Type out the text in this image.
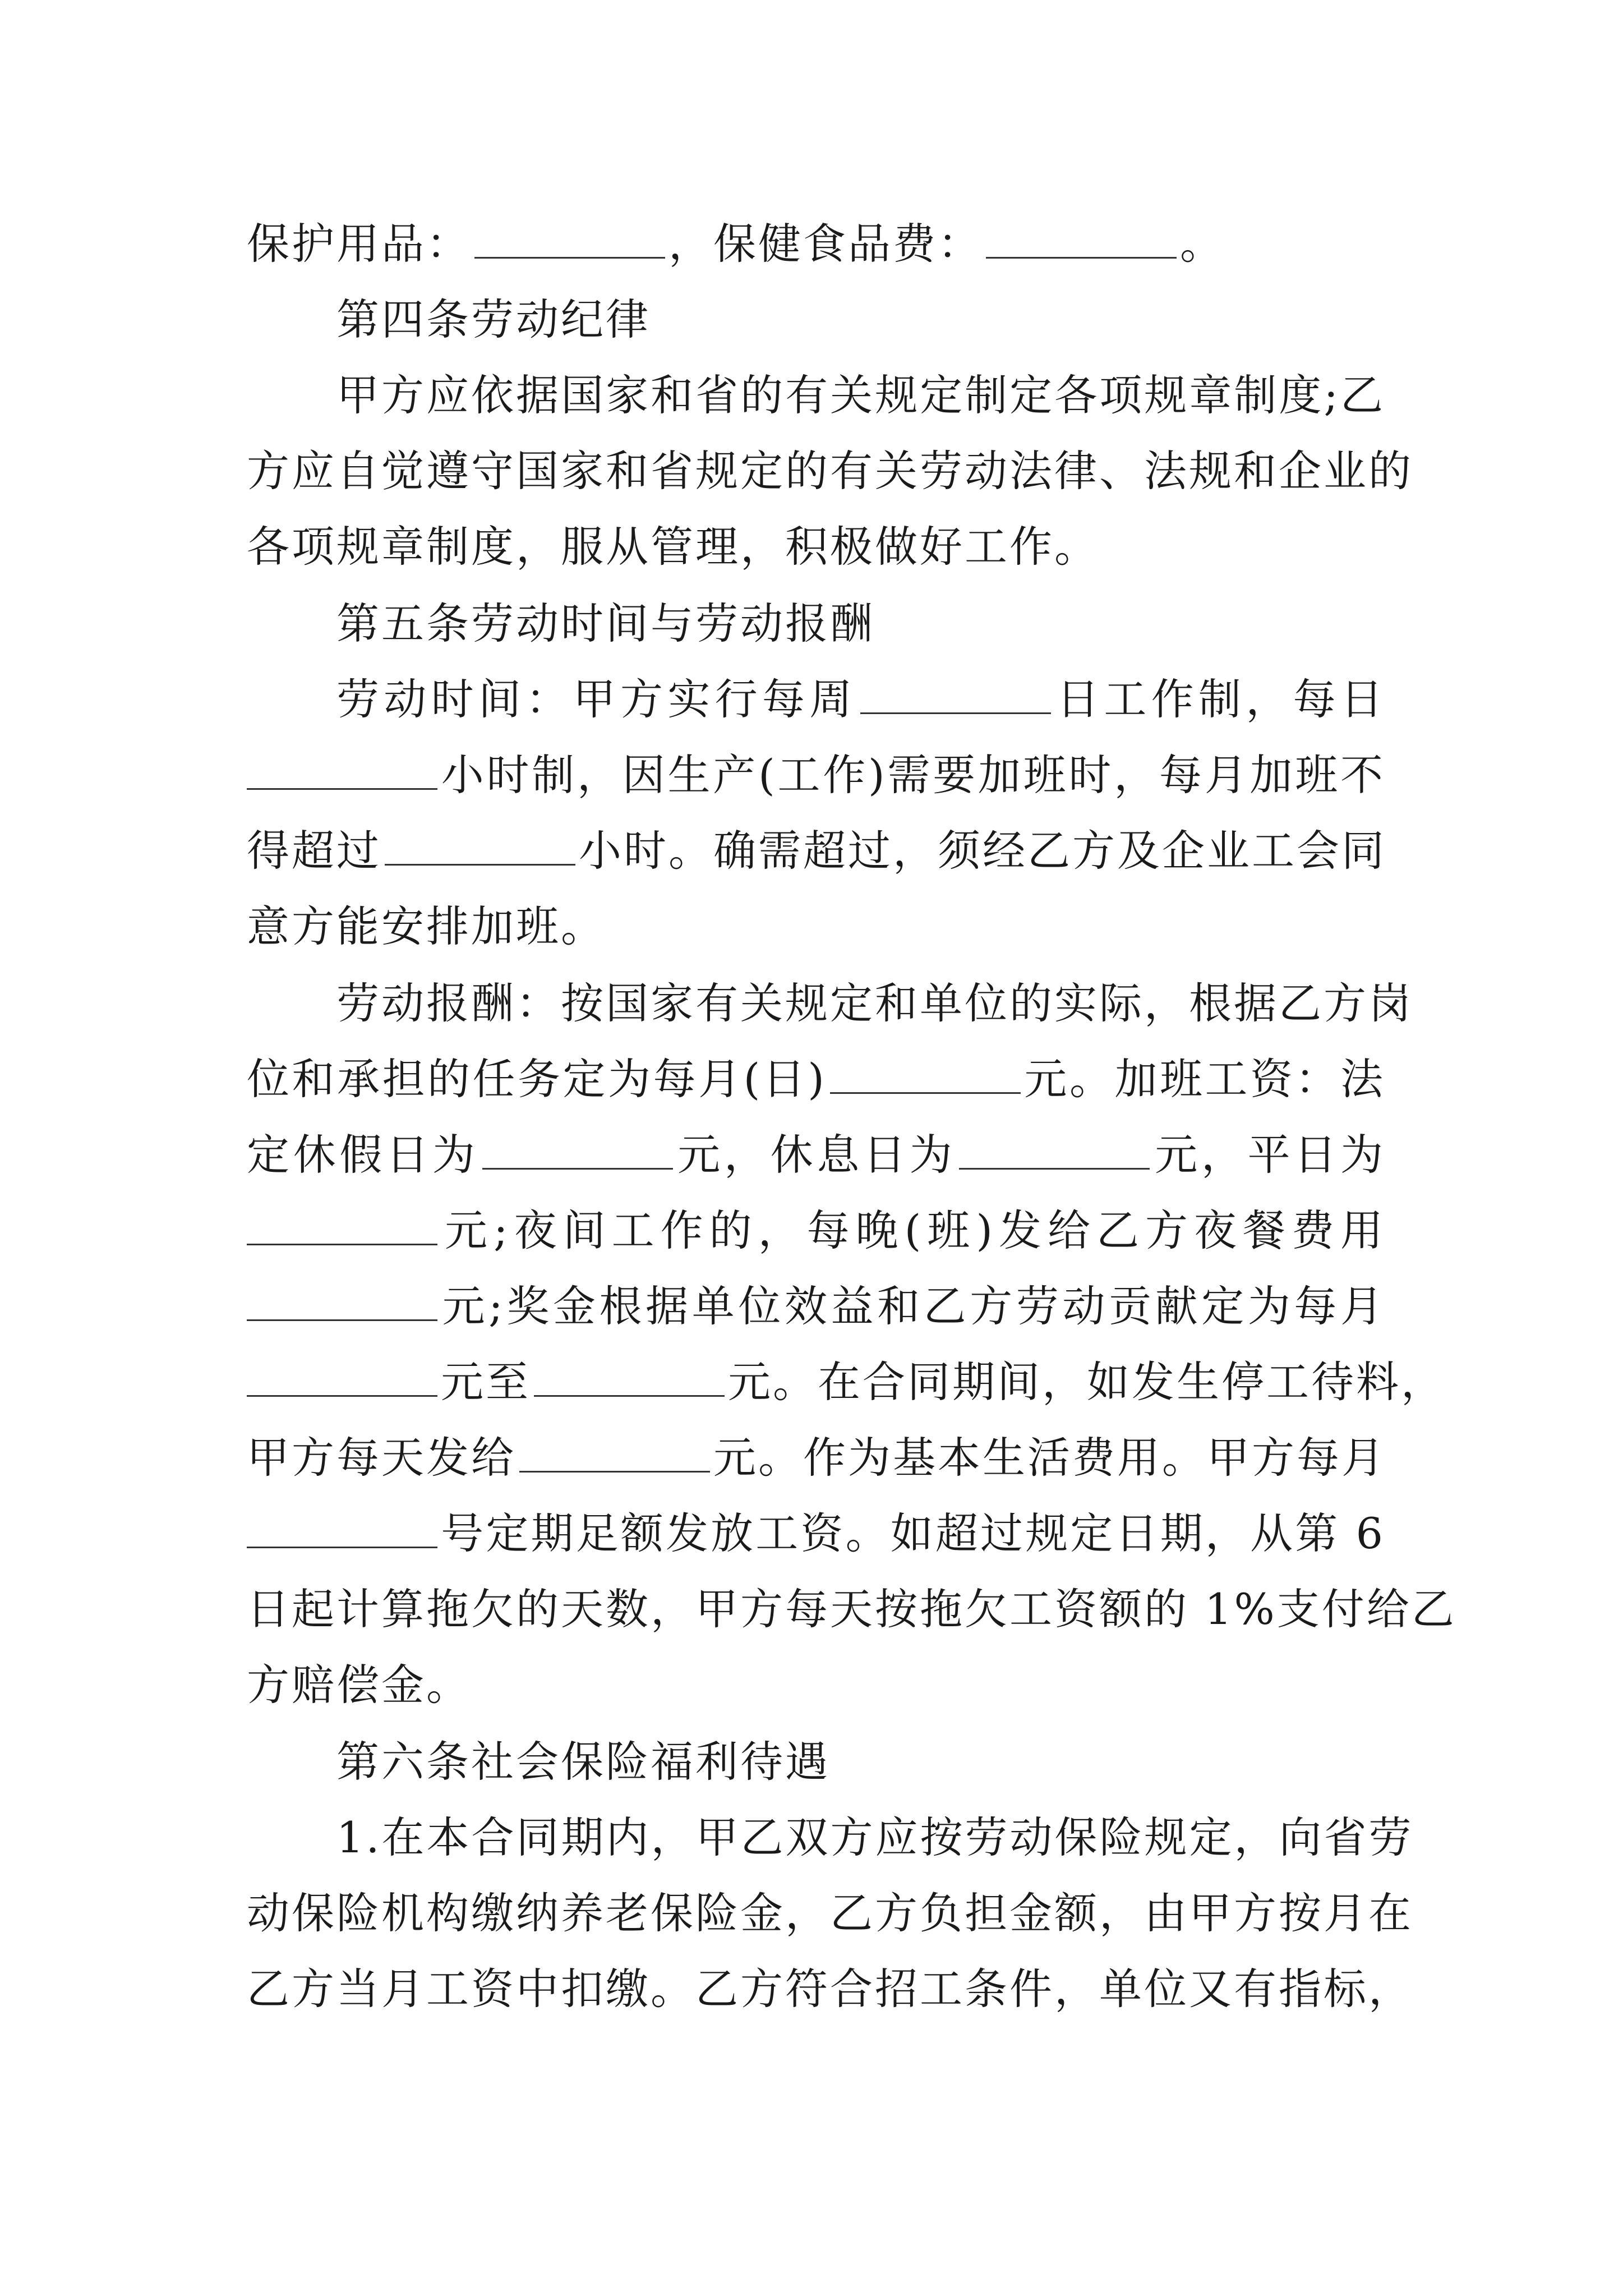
保护用品：	，保健食品费：	。
第四条劳动纪律
甲方应依据国家和省的有关规定制定各项规章制度;乙
方应自觉遵守国家和省规定的有关劳动法律、法规和企业的
各项规章制度，服从管理，积极做好工作。
第五条劳动时间与劳动报酬
劳动时间：甲方实行每周	日工作制，每日
小时制，因生产(工作)需要加班时，每月加班不
得超过	小时。确需超过，须经乙方及企业工会同
意方能安排加班。
劳动报酬：按国家有关规定和单位的实际，根据乙方岗
位和承担的任务定为每月(日)	元。加班工资：法
定休假日为	元，休息日为	元，平日为
元;夜间工作的，每晚(班)发给乙方夜餐费用
元;奖金根据单位效益和乙方劳动贡献定为每月
元至	元。在合同期间，如发生停工待料，
甲方每天发给	元。作为基本生活费用。甲方每月
号定期足额发放工资。如超过规定日期，从第 6
日起计算拖欠的天数，甲方每天按拖欠工资额的 1%支付给乙
方赔偿金。
第六条社会保险福利待遇
1.在本合同期内，甲乙双方应按劳动保险规定，向省劳
动保险机构缴纳养老保险金，乙方负担金额，由甲方按月在
乙方当月工资中扣缴。乙方符合招工条件，单位又有指标，
